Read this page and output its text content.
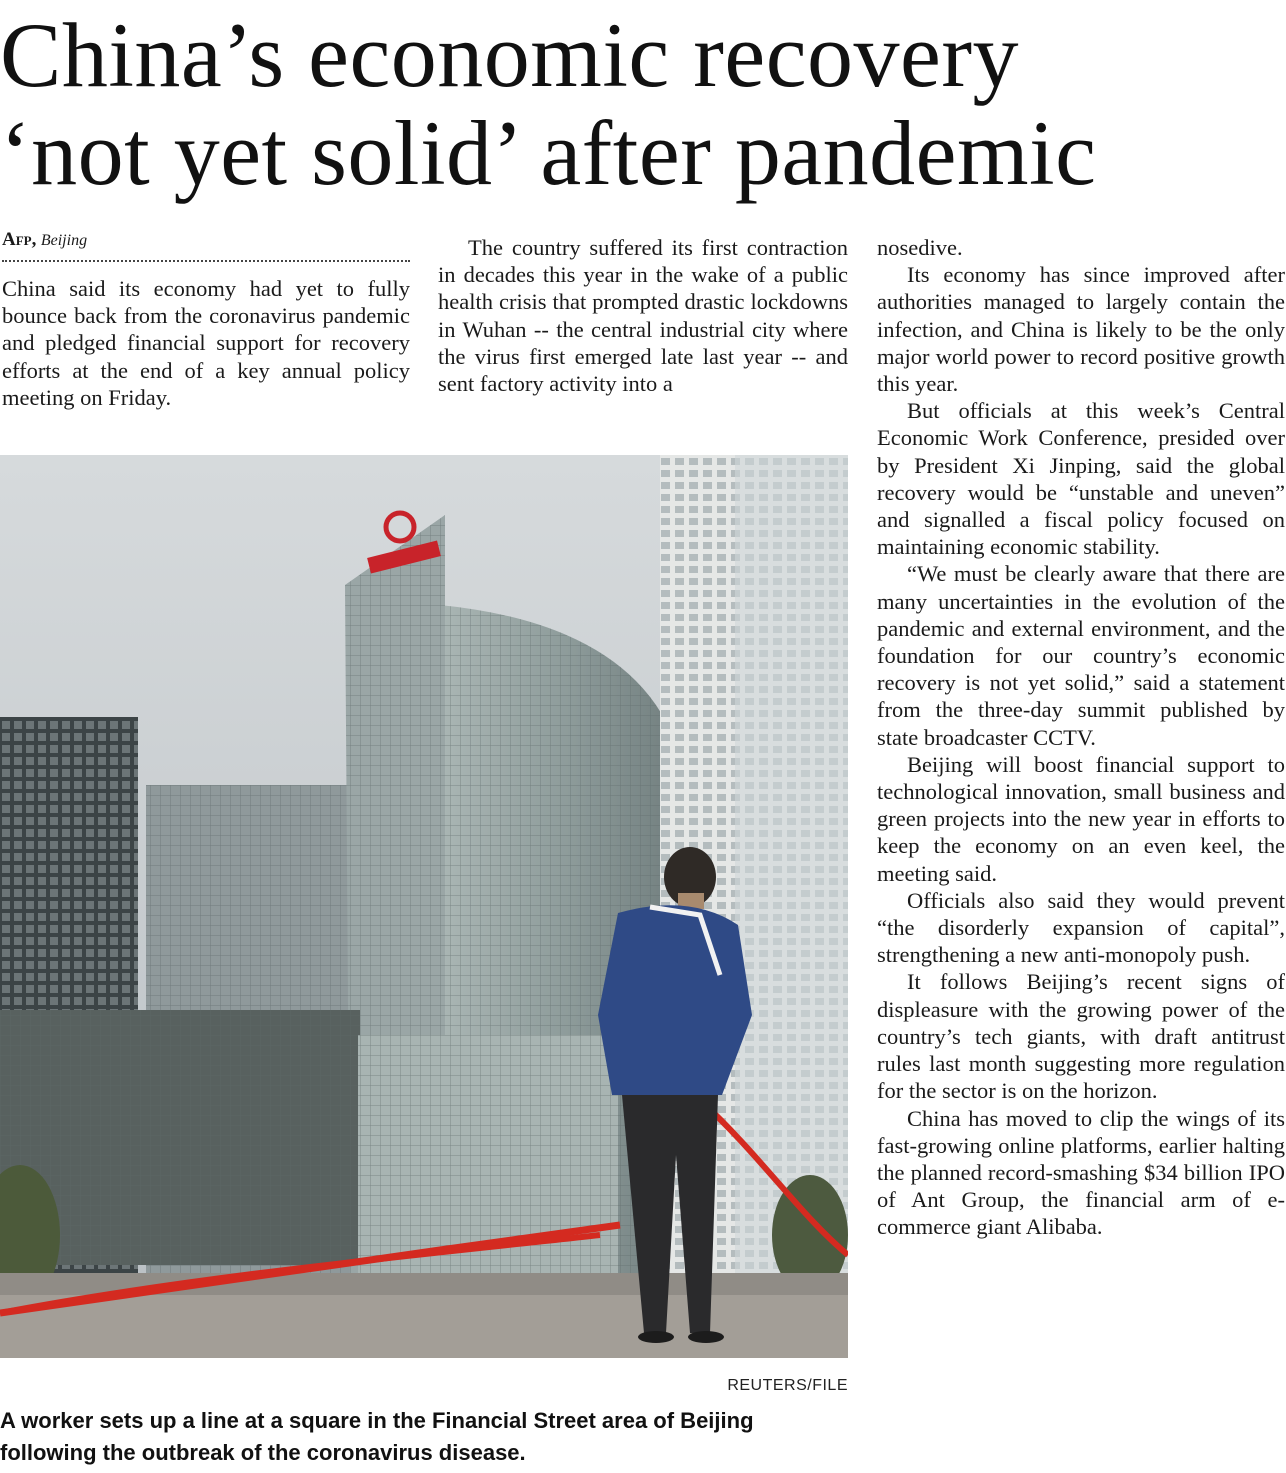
China’s economic recovery
‘not yet solid’ after pandemic
Afp, Beijing

China said its economy had yet to fully bounce back from the coronavirus pandemic and pledged financial support for recovery efforts at the end of a key annual policy meeting on Friday.

The country suffered its first contraction in decades this year in the wake of a public health crisis that prompted drastic lockdowns in Wuhan -- the central industrial city where the virus first emerged late last year -- and sent factory activity into a

nosedive.

Its economy has since improved after authorities managed to largely contain the infection, and China is likely to be the only major world power to record positive growth this year.

But officials at this week’s Central Economic Work Conference, presided over by President Xi Jinping, said the global recovery would be “unstable and uneven” and signalled a fiscal policy focused on maintaining economic stability.

“We must be clearly aware that there are many uncertainties in the evolution of the pandemic and external environment, and the foundation for our country’s economic recovery is not yet solid,” said a statement from the three-day summit published by state broadcaster CCTV.

Beijing will boost financial support to technological innovation, small business and green projects into the new year in efforts to keep the economy on an even keel, the meeting said.

Officials also said they would prevent “the disorderly expansion of capital”, strengthening a new anti-monopoly push.

It follows Beijing’s recent signs of displeasure with the growing power of the country’s tech giants, with draft antitrust rules last month suggesting more regulation for the sector is on the horizon.

China has moved to clip the wings of its fast-growing online platforms, earlier halting the planned record-smashing $34 billion IPO of Ant Group, the financial arm of e-commerce giant Alibaba.

REUTERS/FILE
A worker sets up a line at a square in the Financial Street area of Beijing following the outbreak of the coronavirus disease.
